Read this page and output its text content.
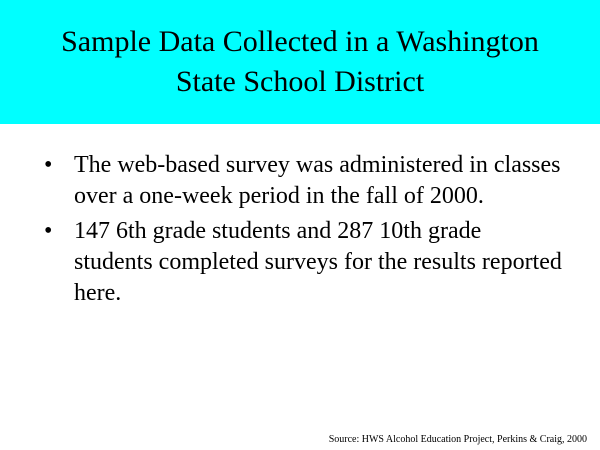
Sample Data Collected in a Washington
State School District
• The web-based survey was administered in classes over a one-week period in the fall of 2000.
• 147 6th grade students and 287 10th grade students completed surveys for the results reported here.
Source: HWS Alcohol Education Project, Perkins & Craig, 2000
